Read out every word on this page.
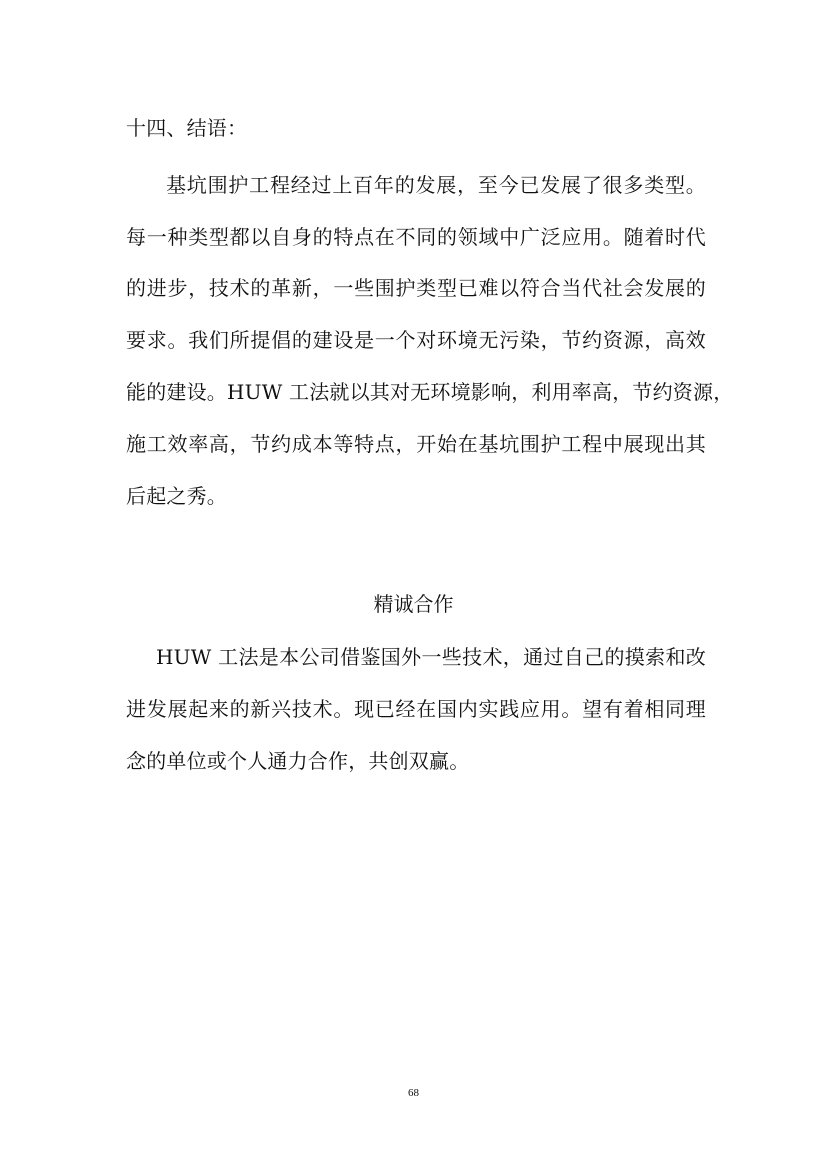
十四、结语：
基坑围护工程经过上百年的发展，至今已发展了很多类型。
每一种类型都以自身的特点在不同的领域中广泛应用。随着时代
的进步，技术的革新，一些围护类型已难以符合当代社会发展的
要求。我们所提倡的建设是一个对环境无污染，节约资源，高效
能的建设。HUW 工法就以其对无环境影响，利用率高，节约资源，
施工效率高，节约成本等特点，开始在基坑围护工程中展现出其
后起之秀。
精诚合作
HUW 工法是本公司借鉴国外一些技术，通过自己的摸索和改
进发展起来的新兴技术。现已经在国内实践应用。望有着相同理
念的单位或个人通力合作，共创双赢。
68
